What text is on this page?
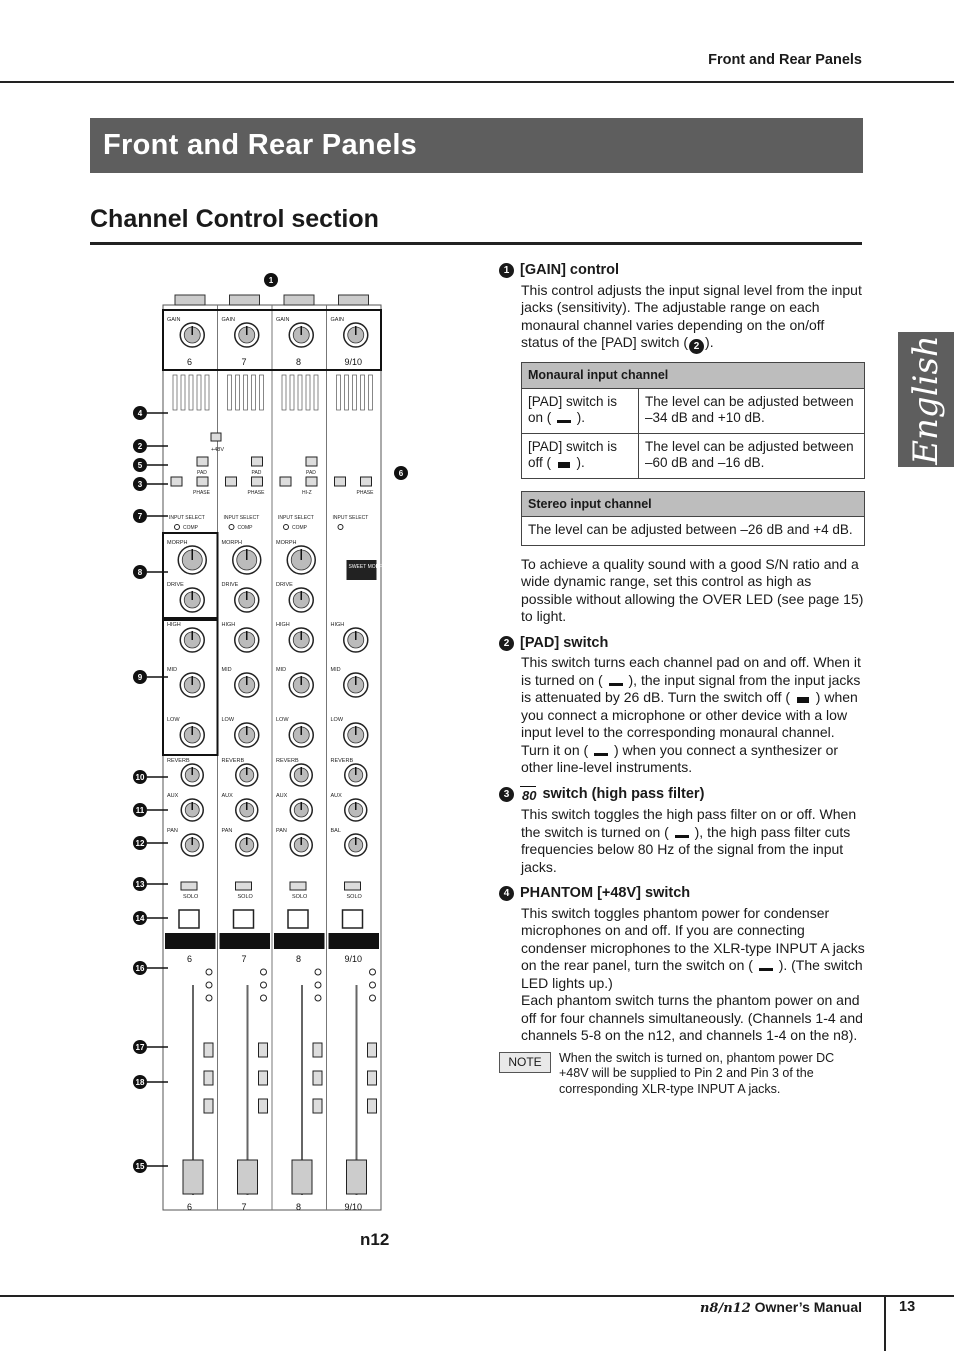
Front and Rear Panels
Front and Rear Panels
Channel Control section
English
GAIN
6
GAIN
7
GAIN
8
GAIN
9/10
+48V
PAD	PAD	PAD
PHASE
INPUT SELECT
COMP
PHASE
INPUT SELECT
COMP
HI-Z
INPUT SELECT
COMP
PHASE
INPUT SELECT
MORPH
DRIVE
MORPH
DRIVE
MORPH
DRIVE
SWEET MORPH COMPR
HIGH
MID
LOW
HIGH
MID
LOW
HIGH
MID
LOW
HIGH
MID
LOW
REVERB
AUX
PAN
SOLO
6
6
REVERB
AUX
PAN
SOLO
7
7
REVERB
AUX
PAN
SOLO
8
8
REVERB
AUX
BAL
SOLO
9/10
9/10
1
4
2
5
3
7
8
9
10
11
12
13
14
16
17
18
15
6
n12
1 [GAIN] control

This control adjusts the input signal level from the input jacks (sensitivity). The adjustable range on each monaural channel varies depending on the on/off status of the [PAD] switch ( 2 ).

Monaural input channel	
[PAD] switch is on ( ).	The level can be adjusted between –34 dB and +10 dB.
[PAD] switch is off ( ).	The level can be adjusted between –60 dB and –16 dB.
Stereo input channel
The level can be adjusted between –26 dB and +4 dB.

To achieve a quality sound with a good S/N ratio and a wide dynamic range, set this control as high as possible without allowing the OVER LED (see page 15) to light.

2 [PAD] switch

This switch turns each channel pad on and off. When it is turned on ( ), the input signal from the input jacks is attenuated by 26 dB. Turn the switch off ( ) when you connect a microphone or other device with a low input level to the corresponding monaural channel. Turn it on ( ) when you connect a synthesizer or other line-level instruments.

3 80 switch (high pass filter)

This switch toggles the high pass filter on or off. When the switch is turned on ( ), the high pass filter cuts frequencies below 80 Hz of the signal from the input jacks.

4 PHANTOM [+48V] switch

This switch toggles phantom power for condenser microphones on and off. If you are connecting condenser microphones to the XLR-type INPUT A jacks on the rear panel, turn the switch on ( ). (The switch LED lights up.)

Each phantom switch turns the phantom power on and off for four channels simultaneously. (Channels 1-4 and channels 5-8 on the n12, and channels 1-4 on the n8).

NOTE	When the switch is turned on, phantom power DC +48V will be supplied to Pin 2 and Pin 3 of the corresponding XLR-type INPUT A jacks.
n8/n12 Owner’s Manual	13
